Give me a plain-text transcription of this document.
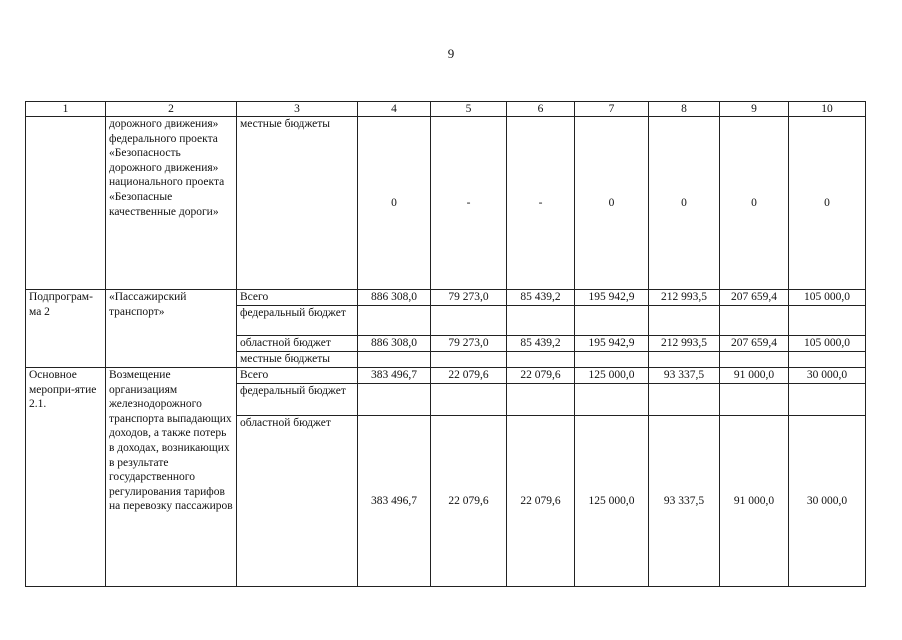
9
1	2	3	4	5	6	7	8	9	10
	дорожного движения» федерального проекта «Безопасность дорожного движения» национального проекта «Безопасные качественные дороги»	местные бюджеты	0	-	-	0	0	0	0
Подпрограм-ма 2	«Пассажирский транспорт»	Всего	886 308,0	79 273,0	85 439,2	195 942,9	212 993,5	207 659,4	105 000,0
		федеральный бюджет							
		областной бюджет	886 308,0	79 273,0	85 439,2	195 942,9	212 993,5	207 659,4	105 000,0
		местные бюджеты							
Основное меропри-ятие 2.1.	Возмещение организациям железнодорожного транспорта выпадающих доходов, а также потерь в доходах, возникающих в результате государственного регулирования тарифов на перевозку пассажиров	Всего	383 496,7	22 079,6	22 079,6	125 000,0	93 337,5	91 000,0	30 000,0
		федеральный бюджет							
		областной бюджет	383 496,7	22 079,6	22 079,6	125 000,0	93 337,5	91 000,0	30 000,0
